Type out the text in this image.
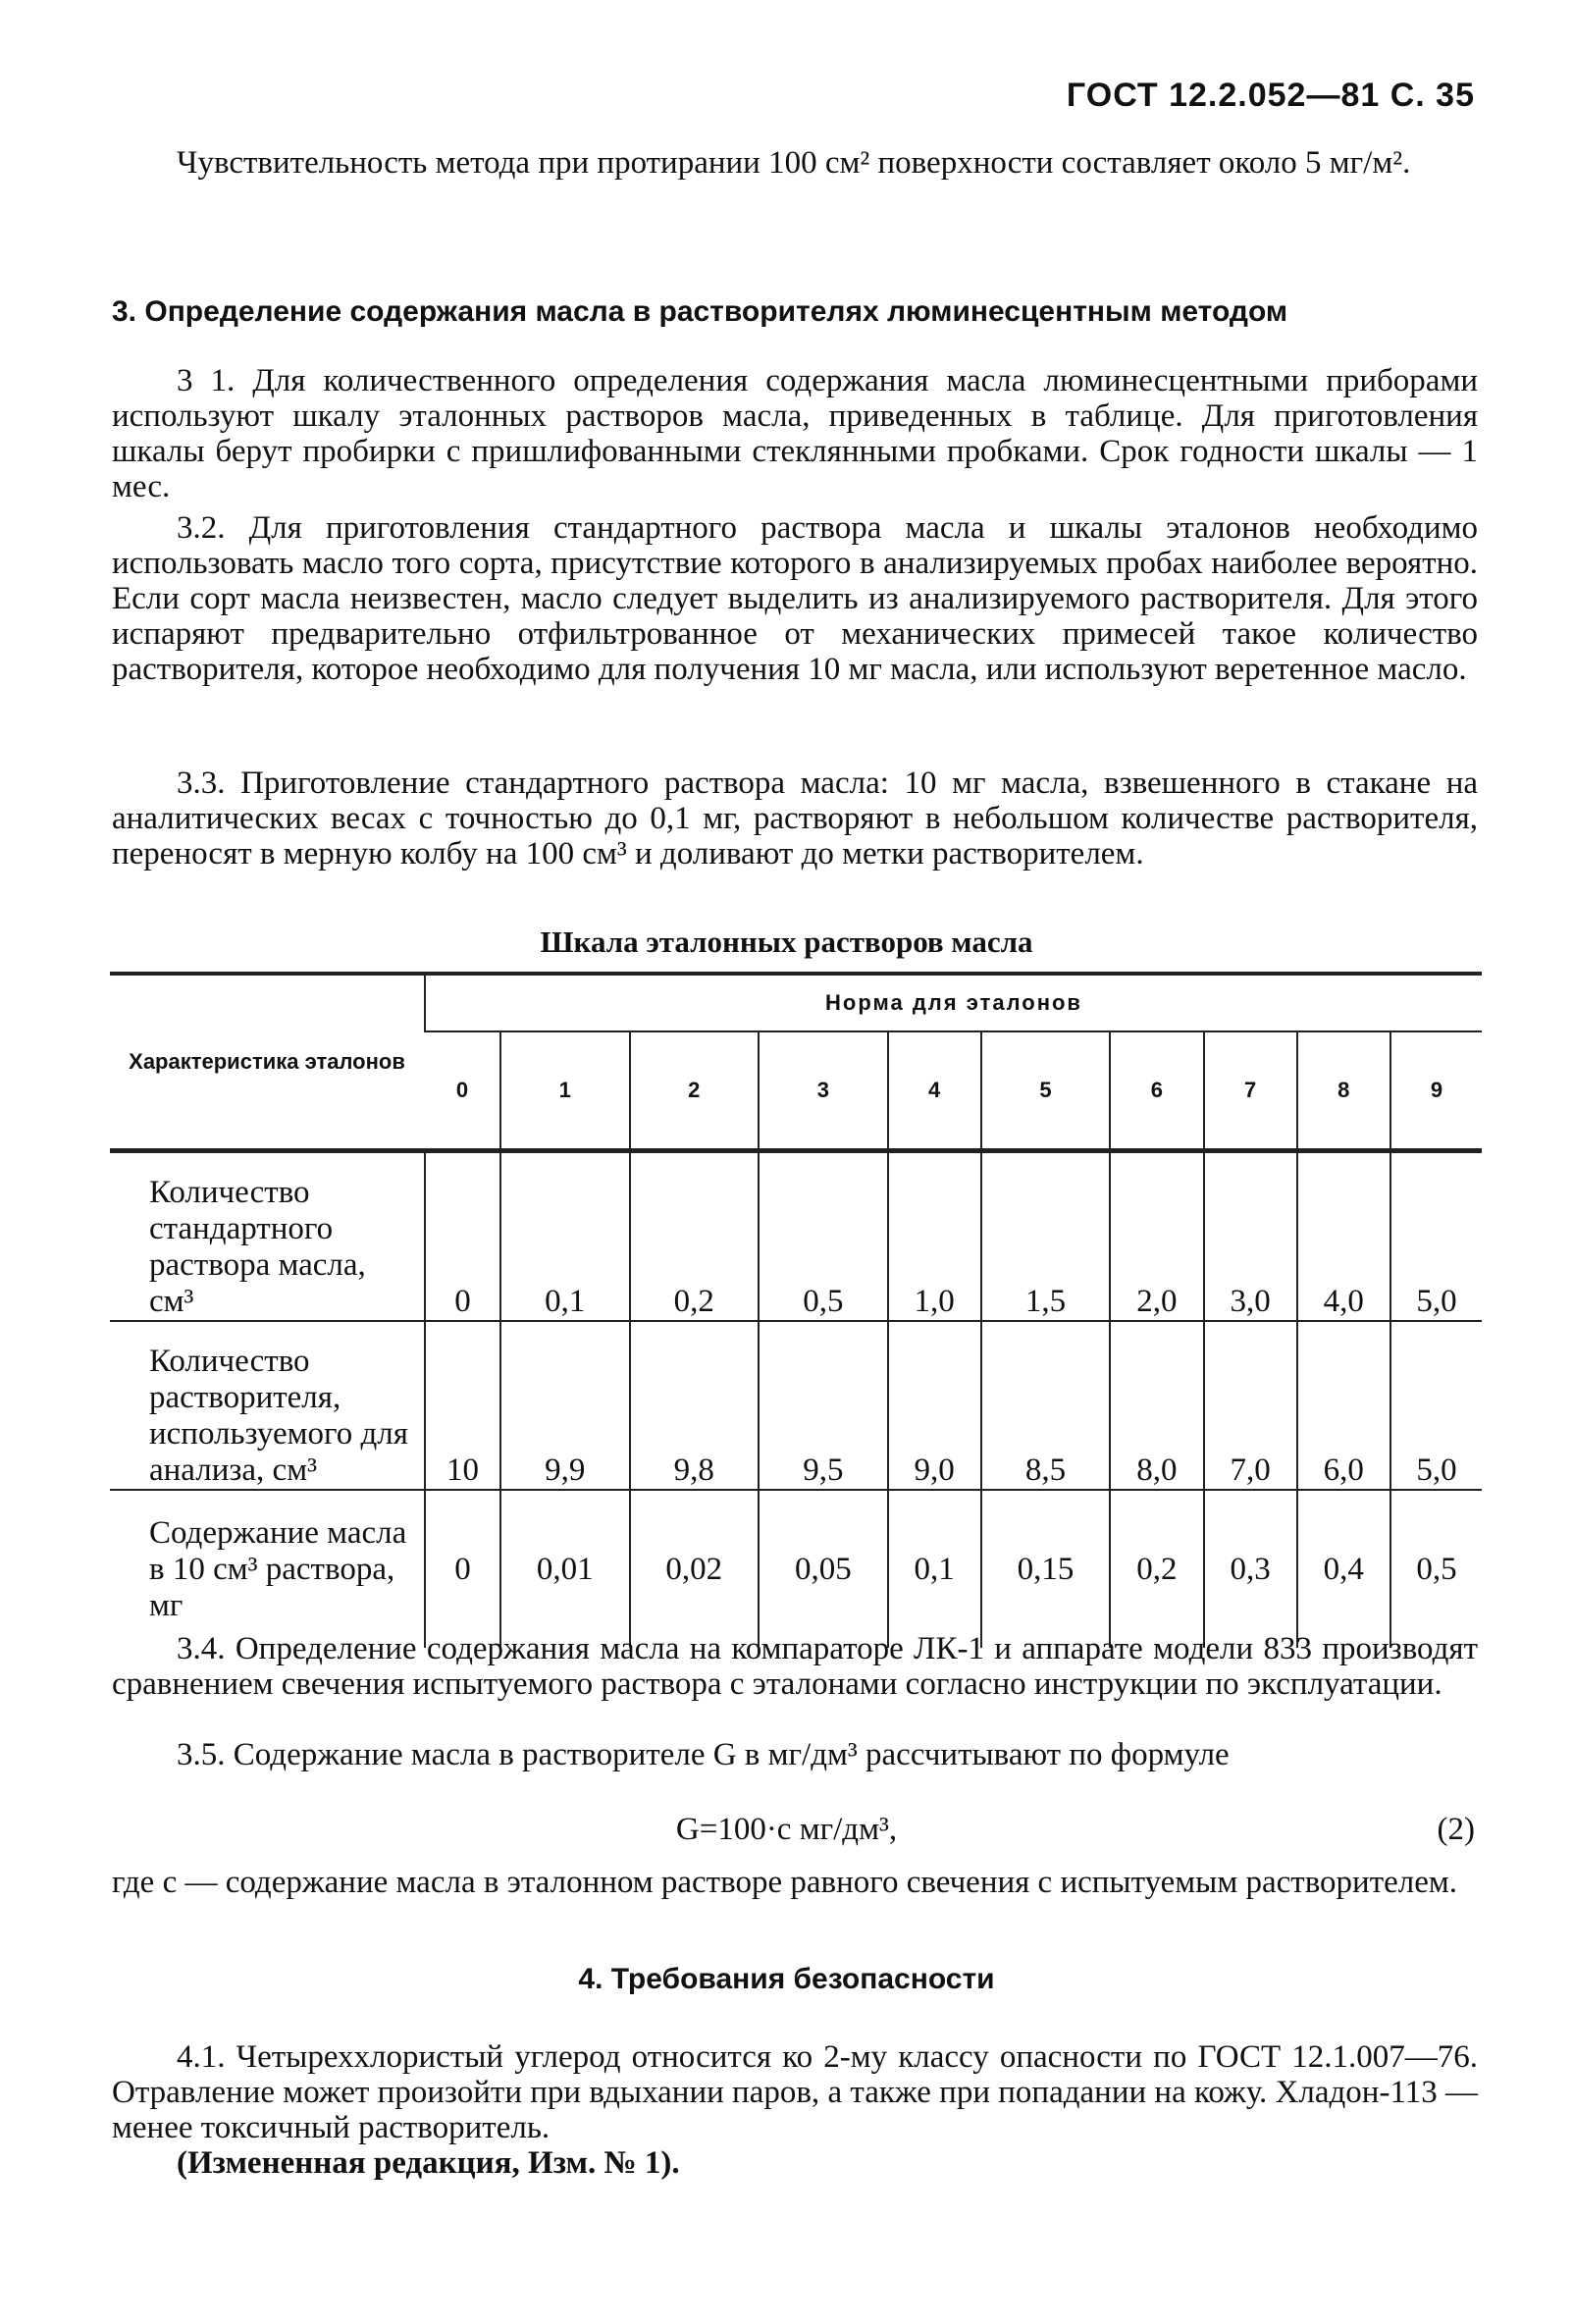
ГОСТ 12.2.052—81 С. 35
Чувствительность метода при протирании 100 см² поверхности составляет около 5 мг/м².
3. Определение содержания масла в растворителях люминесцентным методом
3 1. Для количественного определения содержания масла люминесцентными приборами используют шкалу эталонных растворов масла, приведенных в таблице. Для приготовления шкалы берут пробирки с пришлифованными стеклянными пробками. Срок годности шкалы — 1 мес.
3.2. Для приготовления стандартного раствора масла и шкалы эталонов необходимо использовать масло того сорта, присутствие которого в анализируемых пробах наиболее вероятно. Если сорт масла неизвестен, масло следует выделить из анализируемого растворителя. Для этого испаряют предварительно отфильтрованное от механических примесей такое количество растворителя, которое необходимо для получения 10 мг масла, или используют веретенное масло.
3.3. Приготовление стандартного раствора масла: 10 мг масла, взвешенного в стакане на аналитических весах с точностью до 0,1 мг, растворяют в небольшом количестве растворителя, переносят в мерную колбу на 100 см³ и доливают до метки растворителем.
Шкала эталонных растворов масла
Характеристика эталонов	Норма для эталонов									
	0	1	2	3	4	5	6	7	8	9
Количество стандартного раствора масла, см³	0	0,1	0,2	0,5	1,0	1,5	2,0	3,0	4,0	5,0
Количество растворителя, используемого для анализа, см³	10	9,9	9,8	9,5	9,0	8,5	8,0	7,0	6,0	5,0
Содержание масла в 10 см³ раствора, мг	0	0,01	0,02	0,05	0,1	0,15	0,2	0,3	0,4	0,5
3.4. Определение содержания масла на компараторе ЛК-1 и аппарате модели 833 производят сравнением свечения испытуемого раствора с эталонами согласно инструкции по эксплуатации.
3.5. Содержание масла в растворителе G в мг/дм³ рассчитывают по формуле
G=100·c мг/дм³,	(2)
где c — содержание масла в эталонном растворе равного свечения с испытуемым растворителем.
4. Требования безопасности
4.1. Четыреххлористый углерод относится ко 2-му классу опасности по ГОСТ 12.1.007—76. Отравление может произойти при вдыхании паров, а также при попадании на кожу. Хладон-113 — менее токсичный растворитель.
(Измененная редакция, Изм. № 1).
